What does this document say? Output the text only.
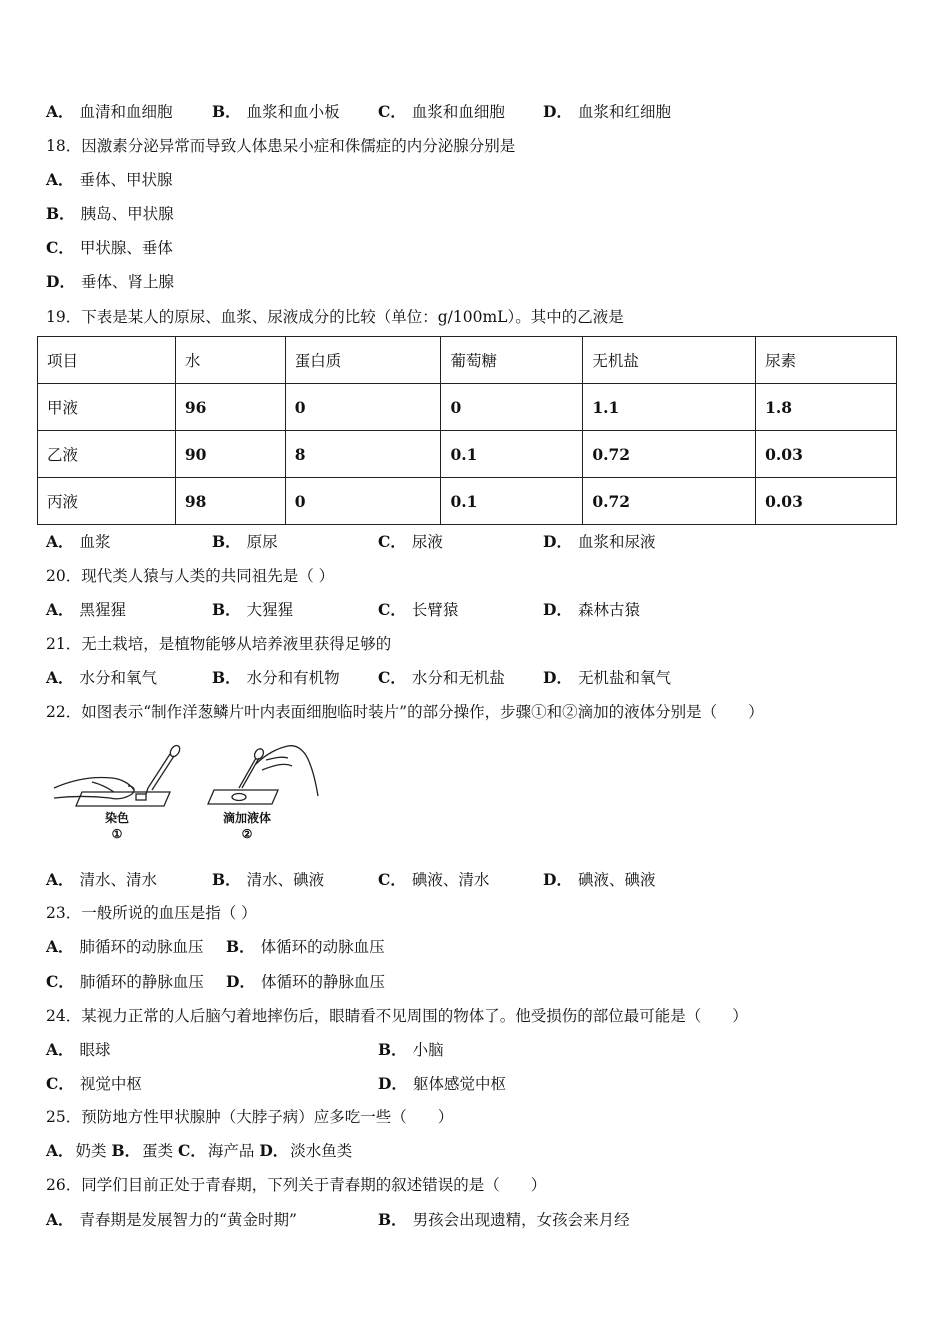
A． 血清和血细胞	B． 血浆和血小板 C． 血浆和血细胞 D． 血浆和红细胞
18．因激素分泌异常而导致人体患呆小症和侏儒症的内分泌腺分别是
A． 垂体、甲状腺
B． 胰岛、甲状腺
C． 甲状腺、垂体
D． 垂体、肾上腺
19．下表是某人的原尿、血浆、尿液成分的比较（单位：g/100mL）。其中的乙液是
项目	水	蛋白质	葡萄糖	无机盐	尿素
甲液	96	0	0	1.1	1.8
乙液	90	8	0.1	0.72	0.03
丙液	98	0	0.1	0.72	0.03
A． 血浆	B． 原尿	C． 尿液	D． 血浆和尿液
20．现代类人猿与人类的共同祖先是（ ）
A． 黑猩猩	B． 大猩猩	C． 长臂猿	D． 森林古猿
21．无土栽培，是植物能够从培养液里获得足够的
A． 水分和氧气	B． 水分和有机物 C． 水分和无机盐 D． 无机盐和氧气
22．如图表示“制作洋葱鳞片叶内表面细胞临时装片”的部分操作，步骤①和②滴加的液体分别是（　　）
染色
①
滴加液体
②
A． 清水、清水	B． 清水、碘液	C． 碘液、清水	D． 碘液、碘液
23．一般所说的血压是指（ ）
A． 肺循环的动脉血压 B． 体循环的动脉血压
C． 肺循环的静脉血压 D． 体循环的静脉血压
24．某视力正常的人后脑勺着地摔伤后，眼睛看不见周围的物体了。他受损伤的部位最可能是（　　）
A． 眼球	B． 小脑
C． 视觉中枢	D． 躯体感觉中枢
25．预防地方性甲状腺肿（大脖子病）应多吃一些（　　）
A． 奶类 B． 蛋类 C． 海产品 D． 淡水鱼类
26．同学们目前正处于青春期，下列关于青春期的叙述错误的是（　　）
A． 青春期是发展智力的“黄金时期”	B． 男孩会出现遗精，女孩会来月经
